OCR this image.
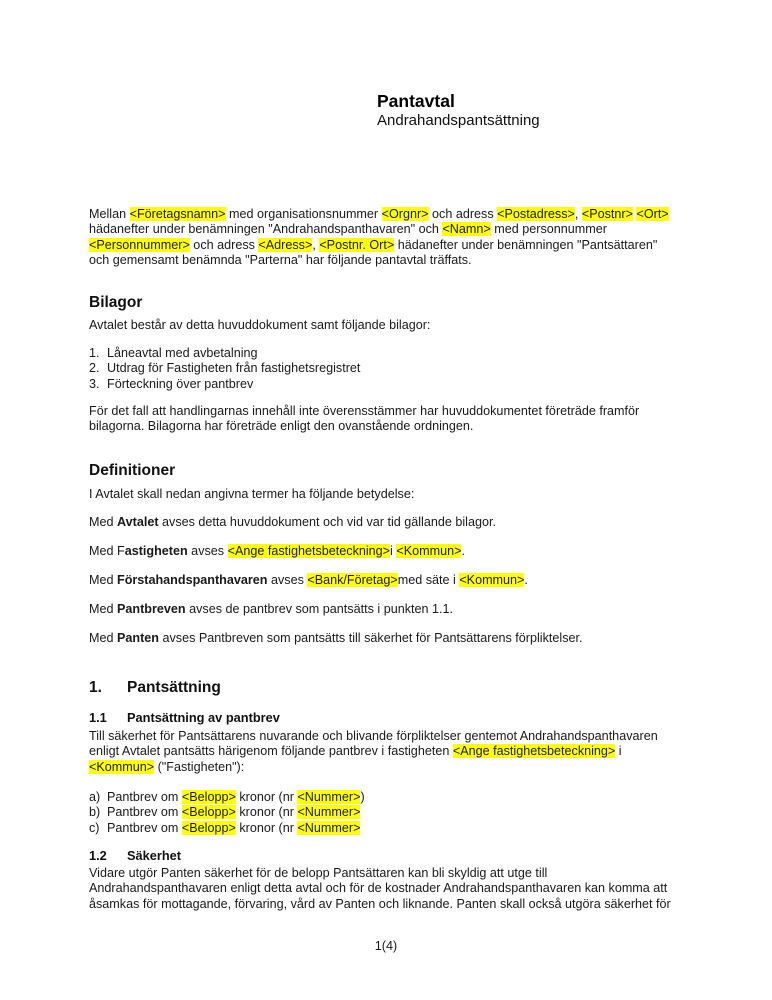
Pantavtal
Andrahandspantsättning
Mellan <Företagsnamn> med organisationsnummer <Orgnr> och adress <Postadress>, <Postnr> <Ort>
hädanefter under benämningen "Andrahandspanthavaren" och <Namn> med personnummer
<Personnummer> och adress <Adress>, <Postnr. Ort> hädanefter under benämningen "Pantsättaren"
och gemensamt benämnda "Parterna" har följande pantavtal träffats.
Bilagor
Avtalet består av detta huvuddokument samt följande bilagor:
1. Låneavtal med avbetalning
2. Utdrag för Fastigheten från fastighetsregistret
3. Förteckning över pantbrev
För det fall att handlingarnas innehåll inte överensstämmer har huvuddokumentet företräde framför
bilagorna. Bilagorna har företräde enligt den ovanstående ordningen.
Definitioner
I Avtalet skall nedan angivna termer ha följande betydelse:
Med Avtalet avses detta huvuddokument och vid var tid gällande bilagor.
Med Fastigheten avses <Ange fastighetsbeteckning>i <Kommun>.
Med Förstahandspanthavaren avses <Bank/Företag>med säte i <Kommun>.
Med Pantbreven avses de pantbrev som pantsätts i punkten 1.1.
Med Panten avses Pantbreven som pantsätts till säkerhet för Pantsättarens förpliktelser.
1. Pantsättning
1.1 Pantsättning av pantbrev
Till säkerhet för Pantsättarens nuvarande och blivande förpliktelser gentemot Andrahandspanthavaren
enligt Avtalet pantsätts härigenom följande pantbrev i fastigheten <Ange fastighetsbeteckning> i
<Kommun> ("Fastigheten"):
a) Pantbrev om <Belopp> kronor (nr <Nummer>)
b) Pantbrev om <Belopp> kronor (nr <Nummer>
c) Pantbrev om <Belopp> kronor (nr <Nummer>
1.2 Säkerhet
Vidare utgör Panten säkerhet för de belopp Pantsättaren kan bli skyldig att utge till
Andrahandspanthavaren enligt detta avtal och för de kostnader Andrahandspanthavaren kan komma att
åsamkas för mottagande, förvaring, vård av Panten och liknande. Panten skall också utgöra säkerhet för
1(4)
